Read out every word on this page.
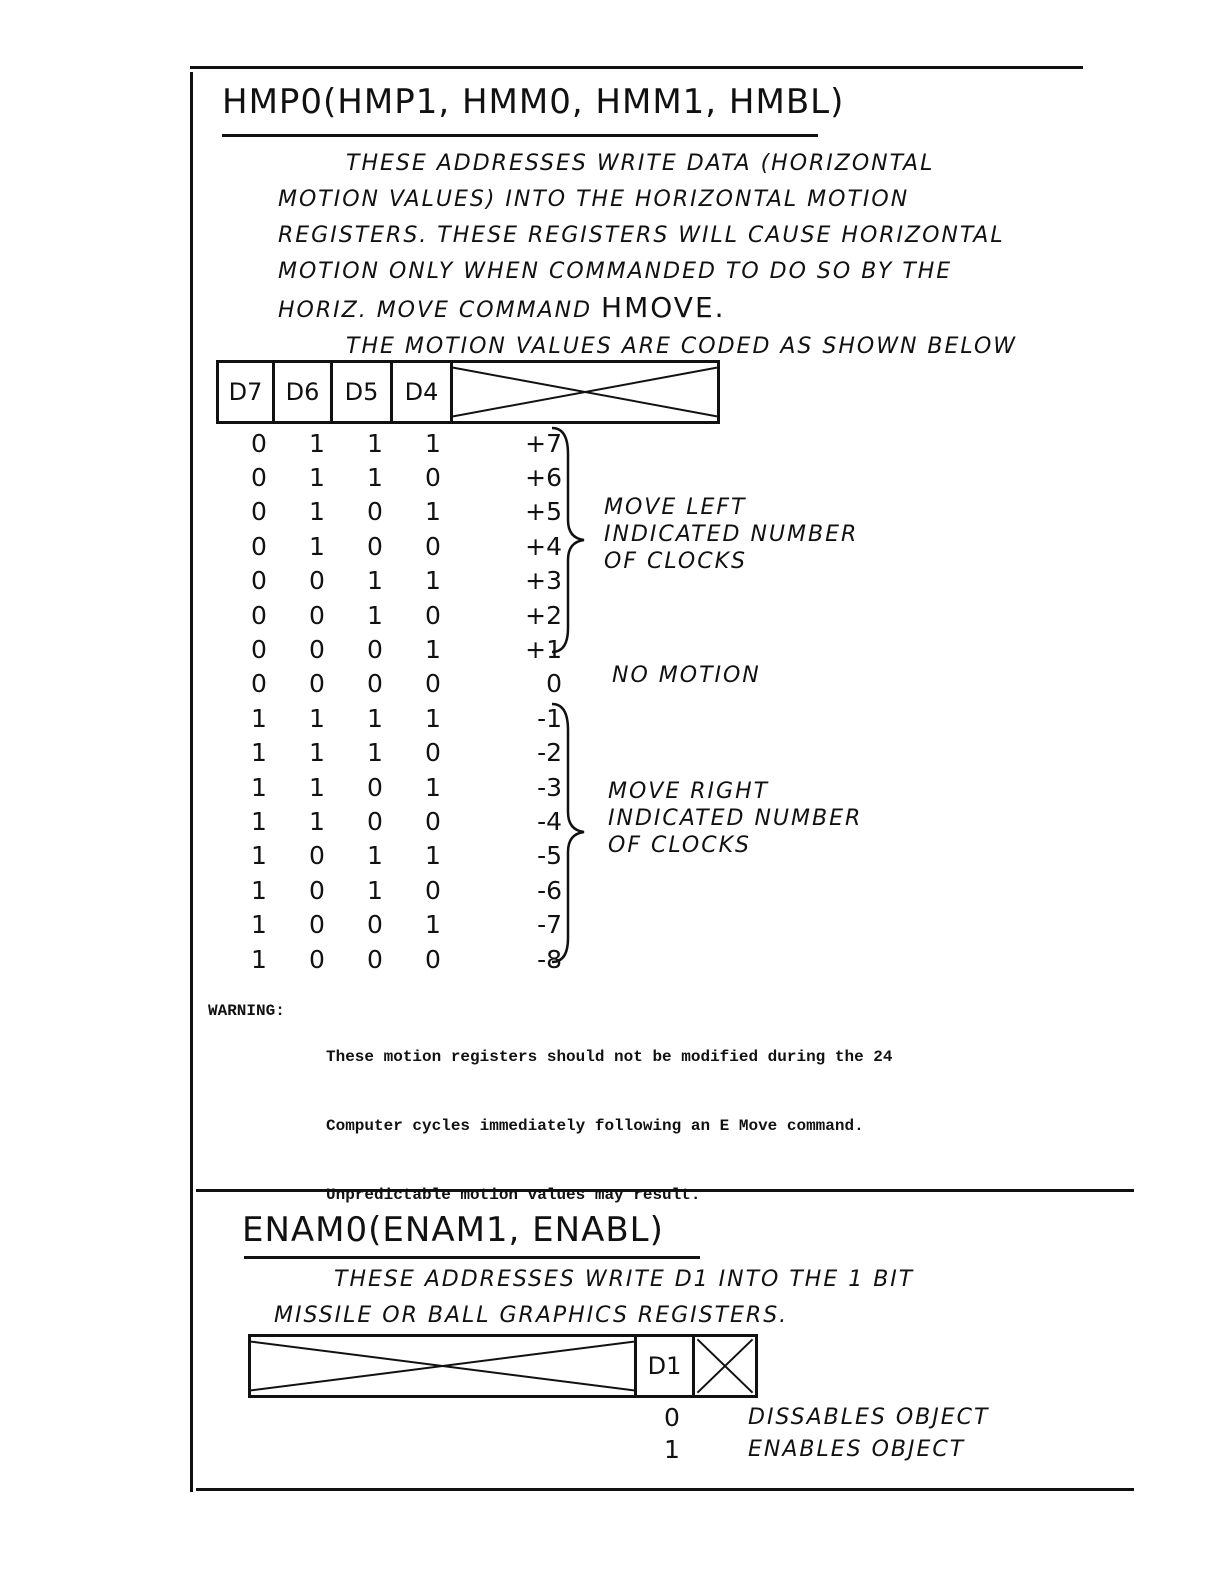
HMP0(HMP1, HMM0, HMM1, HMBL)
THESE ADDRESSES WRITE DATA (HORIZONTAL
MOTION VALUES) INTO THE HORIZONTAL MOTION
REGISTERS. THESE REGISTERS WILL CAUSE HORIZONTAL
MOTION ONLY WHEN COMMANDED TO DO SO BY THE
HORIZ. MOVE COMMAND HMOVE.
THE MOTION VALUES ARE CODED AS SHOWN BELOW
D7 D6	D5	D4
0	1	1	1	+7
0	1	1	0	+6
0	1	0	1	+5
0	1	0	0	+4
0	0	1	1	+3
0	0	1	0	+2
0	0	0	1	+1
0	0	0	0	0
1	1	1	1	-1
1	1	1	0	-2
1	1	0	1	-3
1	1	0	0	-4
1	0	1	1	-5
1	0	1	0	-6
1	0	0	1	-7
1	0	0	0	-8
MOVE LEFT
INDICATED NUMBER
OF CLOCKS
NO MOTION
MOVE RIGHT
INDICATED NUMBER
OF CLOCKS
WARNING:

These motion registers should not be modified during the 24

Computer cycles immediately following an E Move command.

Unpredictable motion values may result.

ENAM0(ENAM1, ENABL)
THESE ADDRESSES WRITE D1 INTO THE 1 BIT
MISSILE OR BALL GRAPHICS REGISTERS.
D1
0	DISSABLES OBJECT
1	ENABLES OBJECT
